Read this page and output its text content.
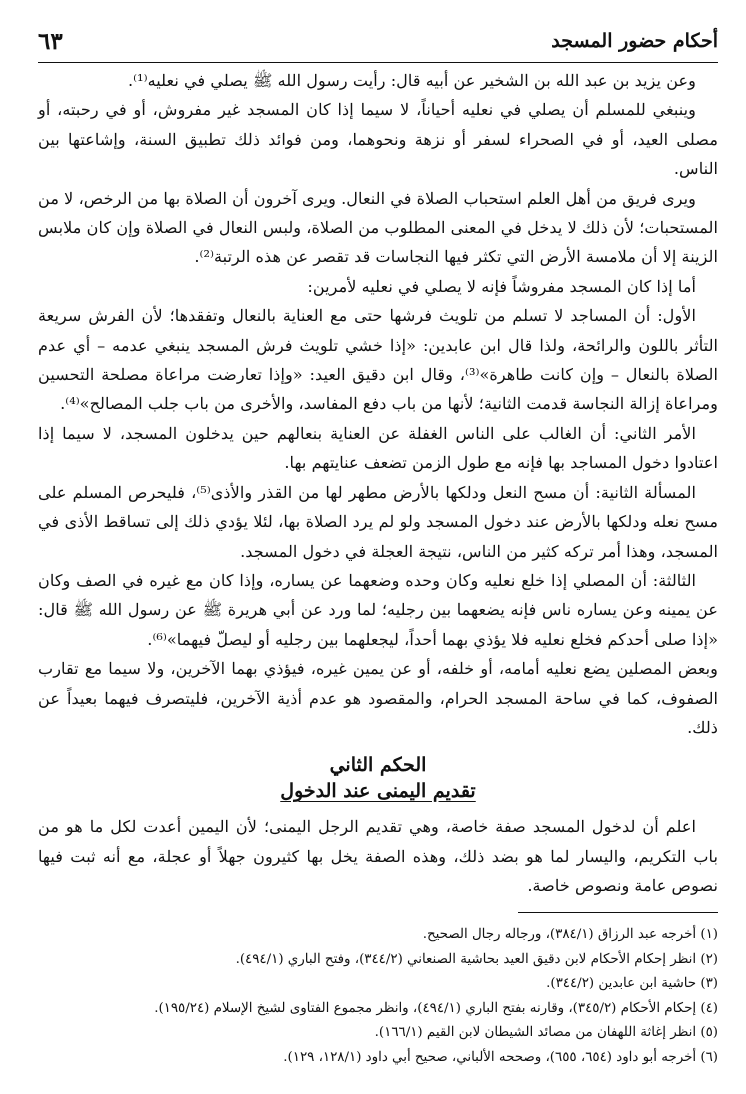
أحكام حضور المسجد
٦٣

وعن يزيد بن عبد الله بن الشخير عن أبيه قال: رأيت رسول الله ﷺ يصلي في نعليه⁽¹⁾.

وينبغي للمسلم أن يصلي في نعليه أحياناً، لا سيما إذا كان المسجد غير مفروش، أو في رحبته، أو مصلى العيد، أو في الصحراء لسفر أو نزهة ونحوهما، ومن فوائد ذلك تطبيق السنة، وإشاعتها بين الناس.

ويرى فريق من أهل العلم استحباب الصلاة في النعال. ويرى آخرون أن الصلاة بها من الرخص، لا من المستحبات؛ لأن ذلك لا يدخل في المعنى المطلوب من الصلاة، ولبس النعال في الصلاة وإن كان ملابس الزينة إلا أن ملامسة الأرض التي تكثر فيها النجاسات قد تقصر عن هذه الرتبة⁽²⁾.

أما إذا كان المسجد مفروشاً فإنه لا يصلي في نعليه لأمرين:

الأول: أن المساجد لا تسلم من تلويث فرشها حتى مع العناية بالنعال وتفقدها؛ لأن الفرش سريعة التأثر باللون والرائحة، ولذا قال ابن عابدين: «إذا خشي تلويث فرش المسجد ينبغي عدمه – أي عدم الصلاة بالنعال – وإن كانت طاهرة»⁽³⁾، وقال ابن دقيق العيد: «وإذا تعارضت مراعاة مصلحة التحسين ومراعاة إزالة النجاسة قدمت الثانية؛ لأنها من باب دفع المفاسد، والأخرى من باب جلب المصالح»⁽⁴⁾.

الأمر الثاني: أن الغالب على الناس الغفلة عن العناية بنعالهم حين يدخلون المسجد، لا سيما إذا اعتادوا دخول المساجد بها فإنه مع طول الزمن تضعف عنايتهم بها.

المسألة الثانية: أن مسح النعل ودلكها بالأرض مطهر لها من القذر والأذى⁽⁵⁾، فليحرص المسلم على مسح نعله ودلكها بالأرض عند دخول المسجد ولو لم يرد الصلاة بها، لئلا يؤدي ذلك إلى تساقط الأذى في المسجد، وهذا أمر تركه كثير من الناس، نتيجة العجلة في دخول المسجد.

الثالثة: أن المصلي إذا خلع نعليه وكان وحده وضعهما عن يساره، وإذا كان مع غيره في الصف وكان عن يمينه وعن يساره ناس فإنه يضعهما بين رجليه؛ لما ورد عن أبي هريرة ﷺ عن رسول الله ﷺ قال: «إذا صلى أحدكم فخلع نعليه فلا يؤذي بهما أحداً، ليجعلهما بين رجليه أو ليصلّ فيهما»⁽⁶⁾.

وبعض المصلين يضع نعليه أمامه، أو خلفه، أو عن يمين غيره، فيؤذي بهما الآخرين، ولا سيما مع تقارب الصفوف، كما في ساحة المسجد الحرام، والمقصود هو عدم أذية الآخرين، فليتصرف فيهما بعيداً عن ذلك.

الحكم الثاني
تقديم اليمنى عند الدخول

اعلم أن لدخول المسجد صفة خاصة، وهي تقديم الرجل اليمنى؛ لأن اليمين أعدت لكل ما هو من باب التكريم، واليسار لما هو بضد ذلك، وهذه الصفة يخل بها كثيرون جهلاً أو عجلة، مع أنه ثبت فيها نصوص عامة ونصوص خاصة.

(١) أخرجه عبد الرزاق (٣٨٤/١)، ورجاله رجال الصحيح.

(٢) انظر إحكام الأحكام لابن دقيق العيد بحاشية الصنعاني (٣٤٤/٢)، وفتح الباري (٤٩٤/١).

(٣) حاشية ابن عابدين (٣٤٤/٢).

(٤) إحكام الأحكام (٣٤٥/٢)، وقارنه بفتح الباري (٤٩٤/١)، وانظر مجموع الفتاوى لشيخ الإسلام (١٩٥/٢٤).

(٥) انظر إغاثة اللهفان من مصائد الشيطان لابن القيم (١٦٦/١).

(٦) أخرجه أبو داود (٦٥٤، ٦٥٥)، وصححه الألباني، صحيح أبي داود (١٢٨/١، ١٢٩).
